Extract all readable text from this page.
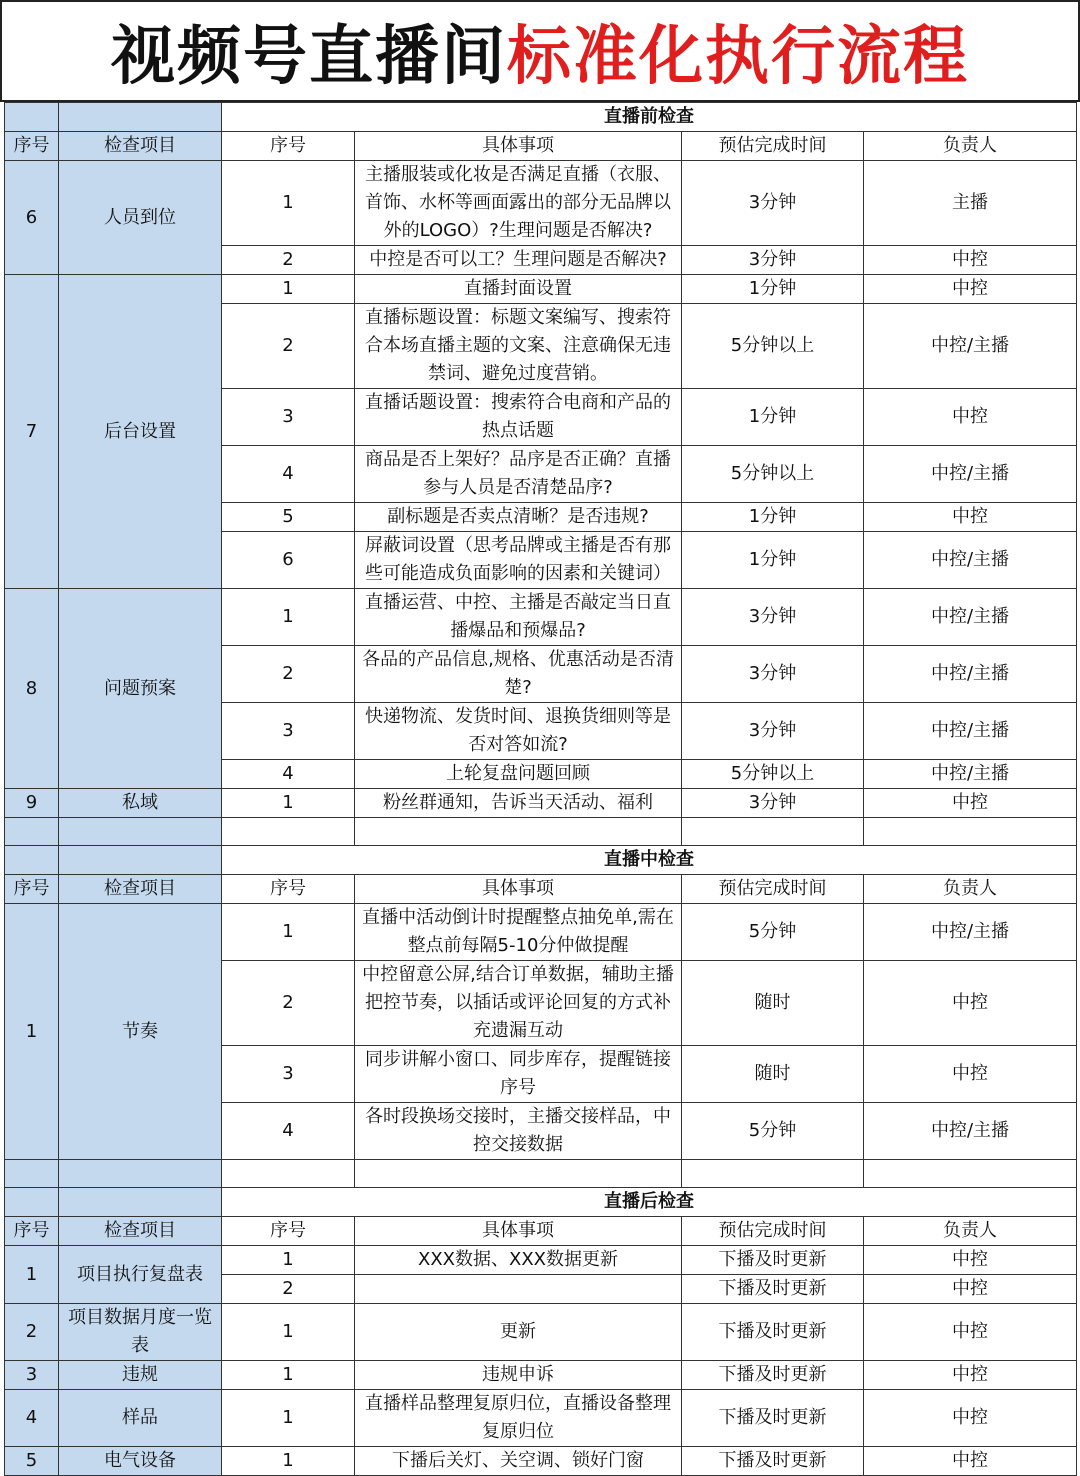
视频号直播间标准化执行流程
		直播前检查			
序号	检查项目	序号	具体事项	预估完成时间	负责人
6	人员到位	1	主播服装或化妆是否满足直播（衣服、首饰、水杯等画面露出的部分无品牌以外的LOGO）?生理问题是否解决?	3分钟	主播
		2	中控是否可以工？生理问题是否解决?	3分钟	中控
7	后台设置	1	直播封面设置	1分钟	中控
		2	直播标题设置：标题文案编写、搜索符合本场直播主题的文案、注意确保无违禁词、避免过度营销。	5分钟以上	中控/主播
		3	直播话题设置：搜索符合电商和产品的热点话题	1分钟	中控
		4	商品是否上架好？品序是否正确？直播参与人员是否清楚品序?	5分钟以上	中控/主播
		5	副标题是否卖点清晰？是否违规?	1分钟	中控
		6	屏蔽词设置（思考品牌或主播是否有那些可能造成负面影响的因素和关键词）	1分钟	中控/主播
8	问题预案	1	直播运营、中控、主播是否敲定当日直播爆品和预爆品?	3分钟	中控/主播
		2	各品的产品信息,规格、优惠活动是否清楚?	3分钟	中控/主播
		3	快递物流、发货时间、退换货细则等是否对答如流?	3分钟	中控/主播
		4	上轮复盘问题回顾	5分钟以上	中控/主播
9	私域	1	粉丝群通知，告诉当天活动、福利	3分钟	中控

		直播中检查			
序号	检查项目	序号	具体事项	预估完成时间	负责人
1	节奏	1	直播中活动倒计时提醒整点抽免单,需在整点前每隔5-10分仲做提醒	5分钟	中控/主播
		2	中控留意公屏,结合订单数据，辅助主播把控节奏，以插话或评论回复的方式补充遗漏互动	随时	中控
		3	同步讲解小窗口、同步库存，提醒链接序号	随时	中控
		4	各时段换场交接时，主播交接样品，中控交接数据	5分钟	中控/主播

		直播后检查			
序号	检查项目	序号	具体事项	预估完成时间	负责人
1	项目执行复盘表	1	XXX数据、XXX数据更新	下播及时更新	中控
		2		下播及时更新	中控
2	项目数据月度一览表	1	更新	下播及时更新	中控
3	违规	1	违规申诉	下播及时更新	中控
4	样品	1	直播样品整理复原归位，直播设备整理复原归位	下播及时更新	中控
5	电气设备	1	下播后关灯、关空调、锁好门窗	下播及时更新	中控
